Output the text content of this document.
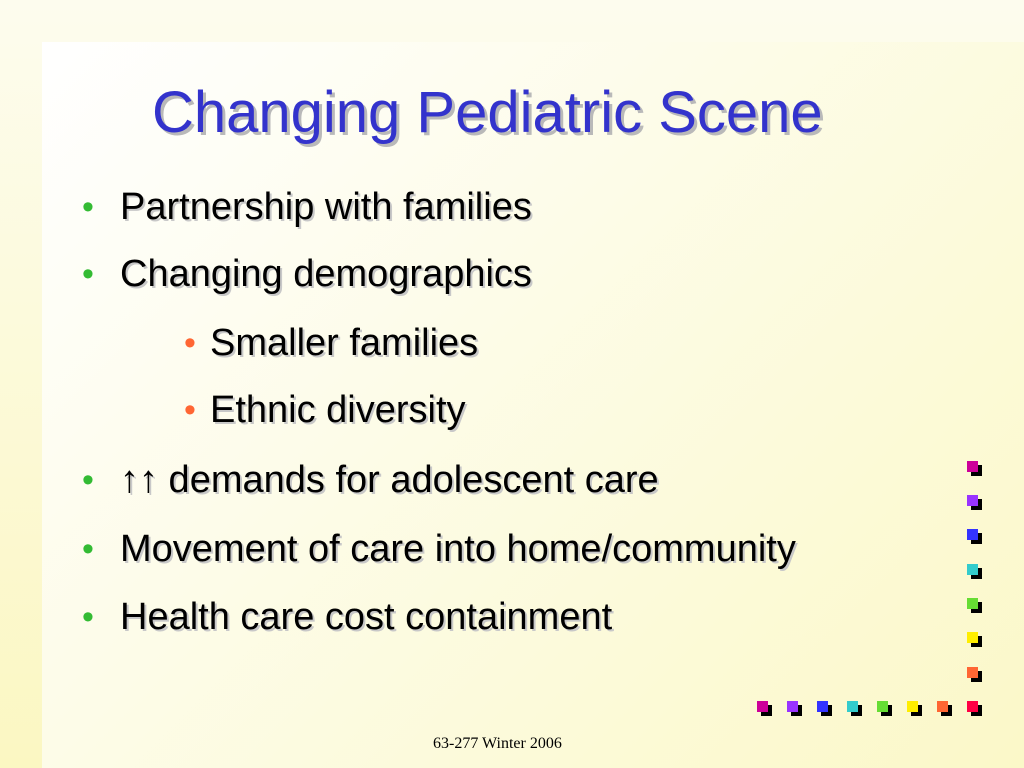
Changing Pediatric Scene
• Partnership with families
• Changing demographics
• Smaller families
• Ethnic diversity
• ↑↑ demands for adolescent care
• Movement of care into home/community
• Health care cost containment
63-277 Winter 2006
